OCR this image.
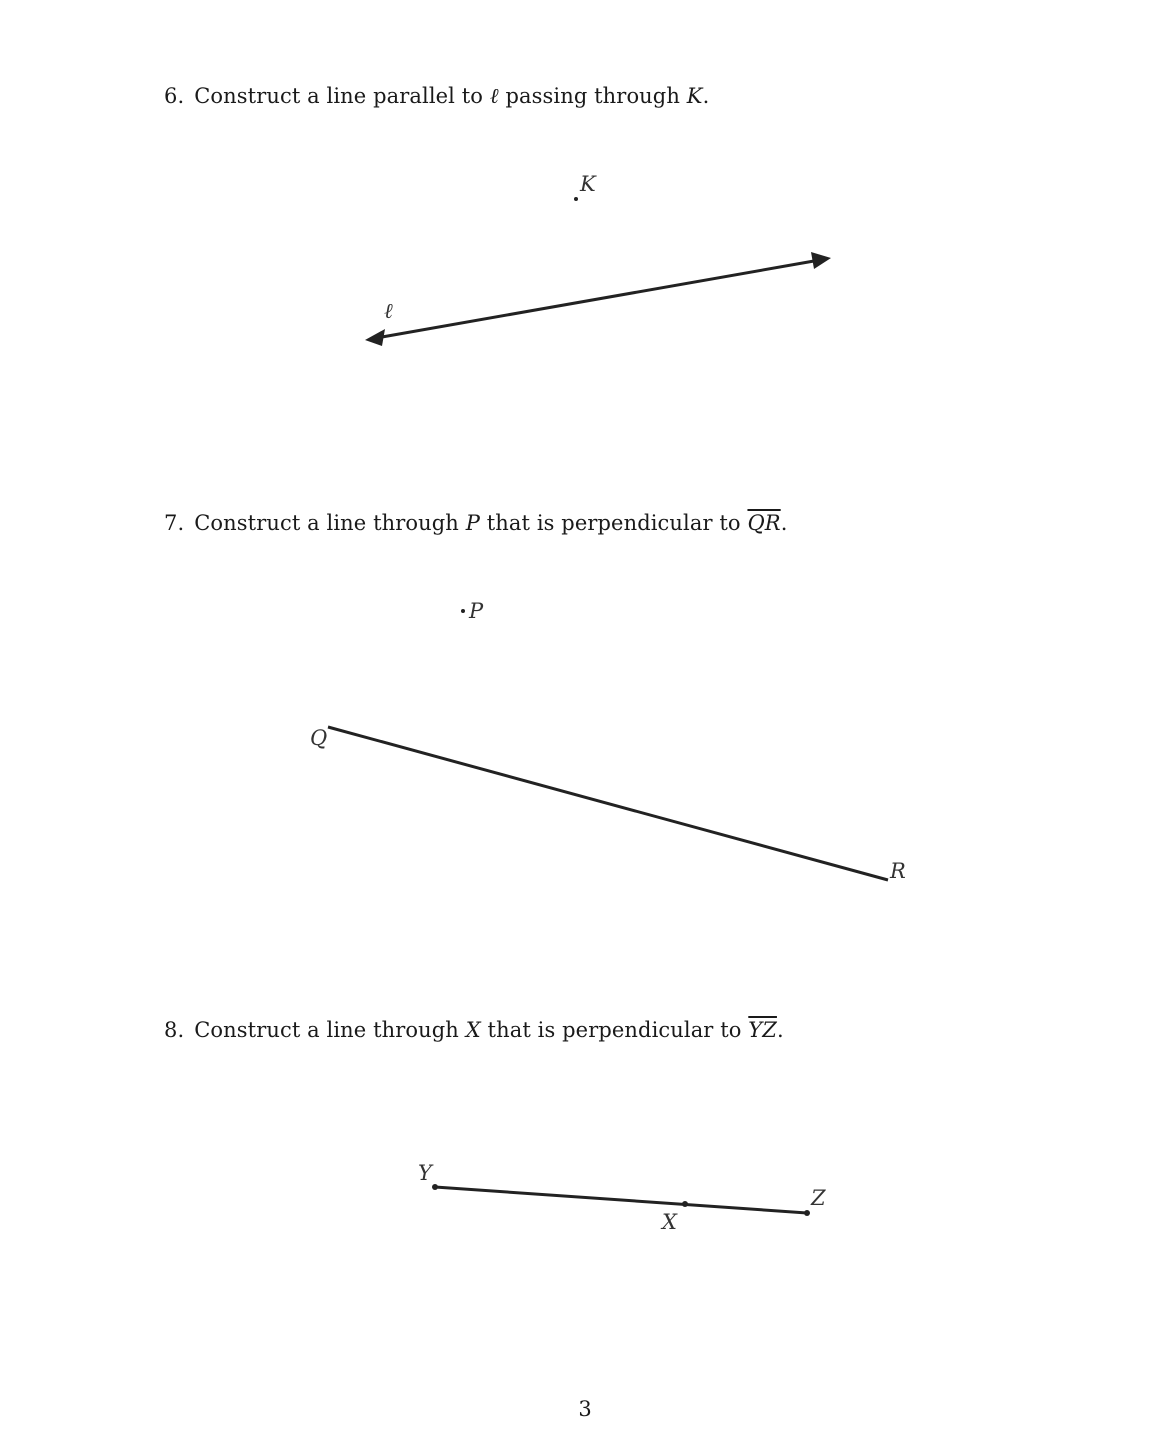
6. Construct a line parallel to ℓ passing through K.
7. Construct a line through P that is perpendicular to $\overline{QR}$.
8. Construct a line through X that is perpendicular to $\overline{YZ}$.
K
ℓ
P
Q
R
Y
X
Z
3
